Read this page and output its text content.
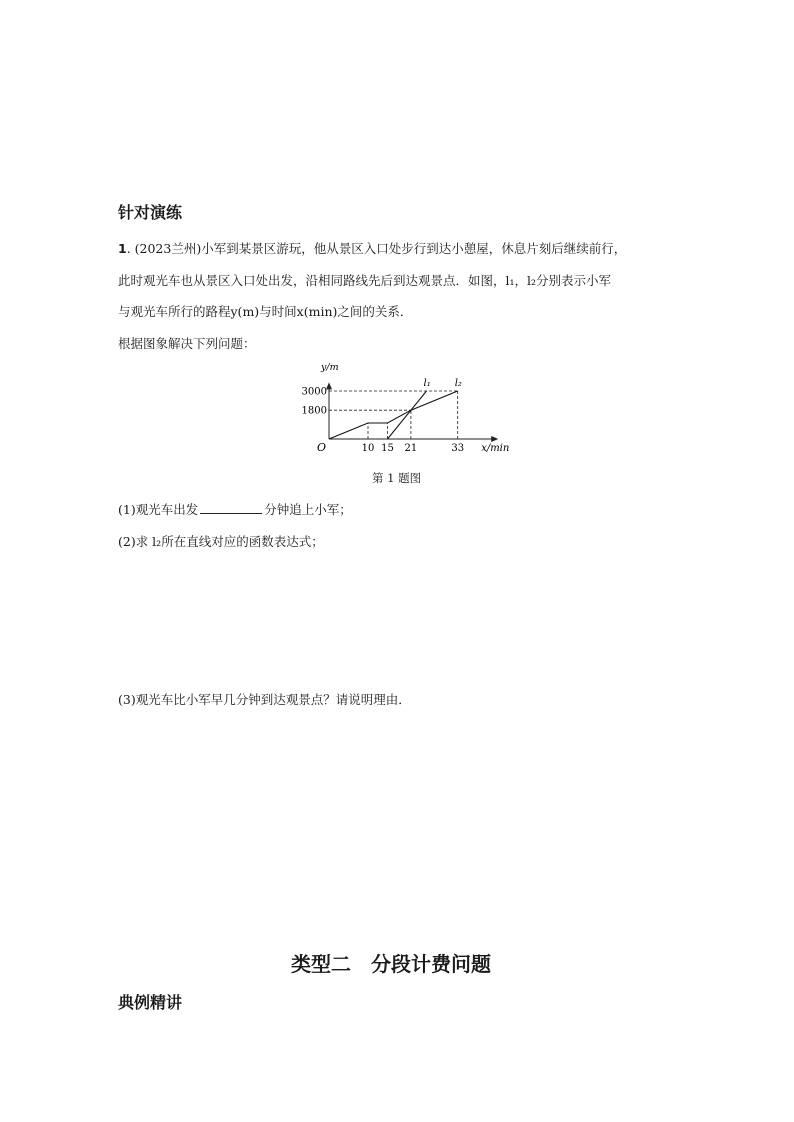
针对演练
1. (2023兰州)小军到某景区游玩，他从景区入口处步行到达小憩屋，休息片刻后继续前行，
此时观光车也从景区入口处出发，沿相同路线先后到达观景点．如图，l₁，l₂分别表示小军
与观光车所行的路程y(m)与时间x(min)之间的关系．
根据图象解决下列问题：
y/m
x/min
O	10 15 21	33
1800
3000
l₁ l₂
第 1 题图
(1)观光车出发	分钟追上小军；
(2)求 l₂所在直线对应的函数表达式；
(3)观光车比小军早几分钟到达观景点？请说明理由．
类型二　分段计费问题
典例精讲
